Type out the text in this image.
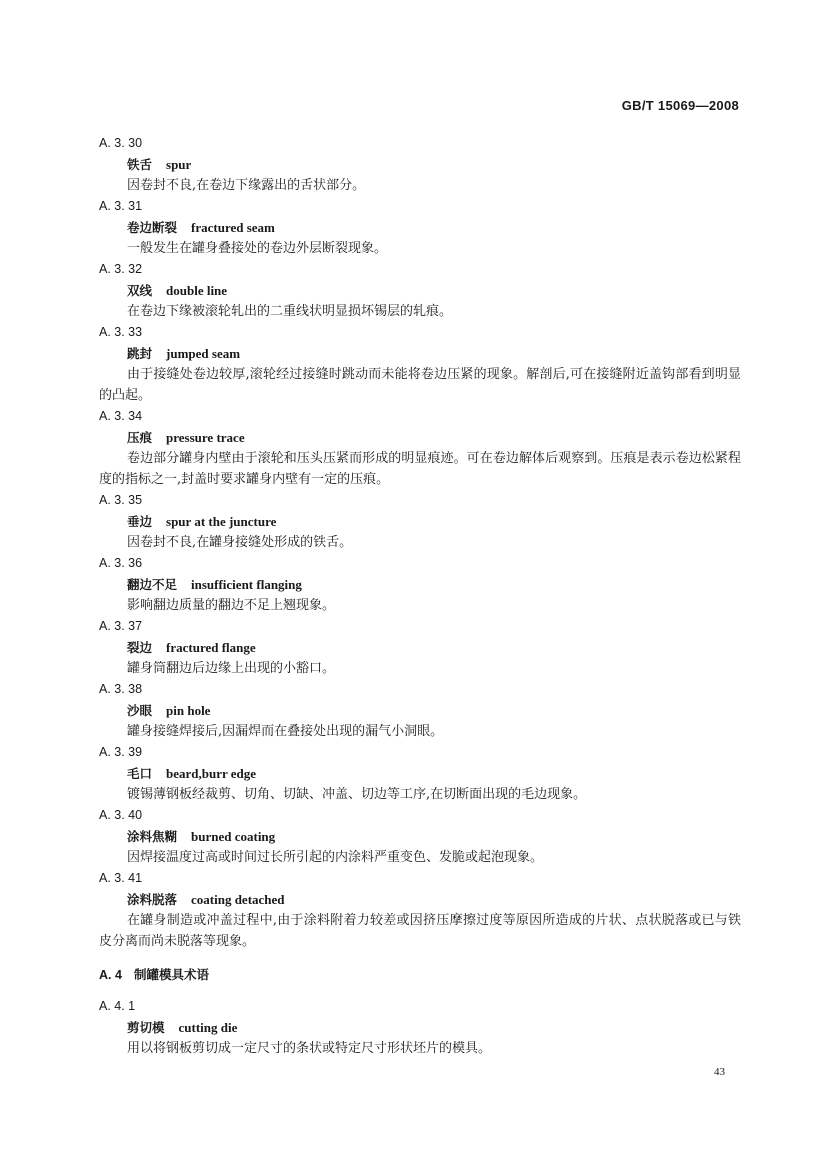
GB/T 15069—2008
A. 3. 30
铁舌 spur
因卷封不良,在卷边下缘露出的舌状部分。
A. 3. 31
卷边断裂 fractured seam
一般发生在罐身叠接处的卷边外层断裂现象。
A. 3. 32
双线 double line
在卷边下缘被滚轮轧出的二重线状明显损坏锡层的轧痕。
A. 3. 33
跳封 jumped seam
由于接缝处卷边较厚,滚轮经过接缝时跳动而未能将卷边压紧的现象。解剖后,可在接缝附近盖钩部看到明显的凸起。
A. 3. 34
压痕 pressure trace
卷边部分罐身内壁由于滚轮和压头压紧而形成的明显痕迹。可在卷边解体后观察到。压痕是表示卷边松紧程度的指标之一,封盖时要求罐身内壁有一定的压痕。
A. 3. 35
垂边 spur at the juncture
因卷封不良,在罐身接缝处形成的铁舌。
A. 3. 36
翻边不足 insufficient flanging
影响翻边质量的翻边不足上翘现象。
A. 3. 37
裂边 fractured flange
罐身筒翻边后边缘上出现的小豁口。
A. 3. 38
沙眼 pin hole
罐身接缝焊接后,因漏焊而在叠接处出现的漏气小洞眼。
A. 3. 39
毛口 beard,burr edge
镀锡薄钢板经裁剪、切角、切缺、冲盖、切边等工序,在切断面出现的毛边现象。
A. 3. 40
涂料焦糊 burned coating
因焊接温度过高或时间过长所引起的内涂料严重变色、发脆或起泡现象。
A. 3. 41
涂料脱落 coating detached
在罐身制造或冲盖过程中,由于涂料附着力较差或因挤压摩擦过度等原因所造成的片状、点状脱落或已与铁皮分离而尚未脱落等现象。
A. 4 制罐模具术语
A. 4. 1
剪切模 cutting die
用以将钢板剪切成一定尺寸的条状或特定尺寸形状坯片的模具。
43
